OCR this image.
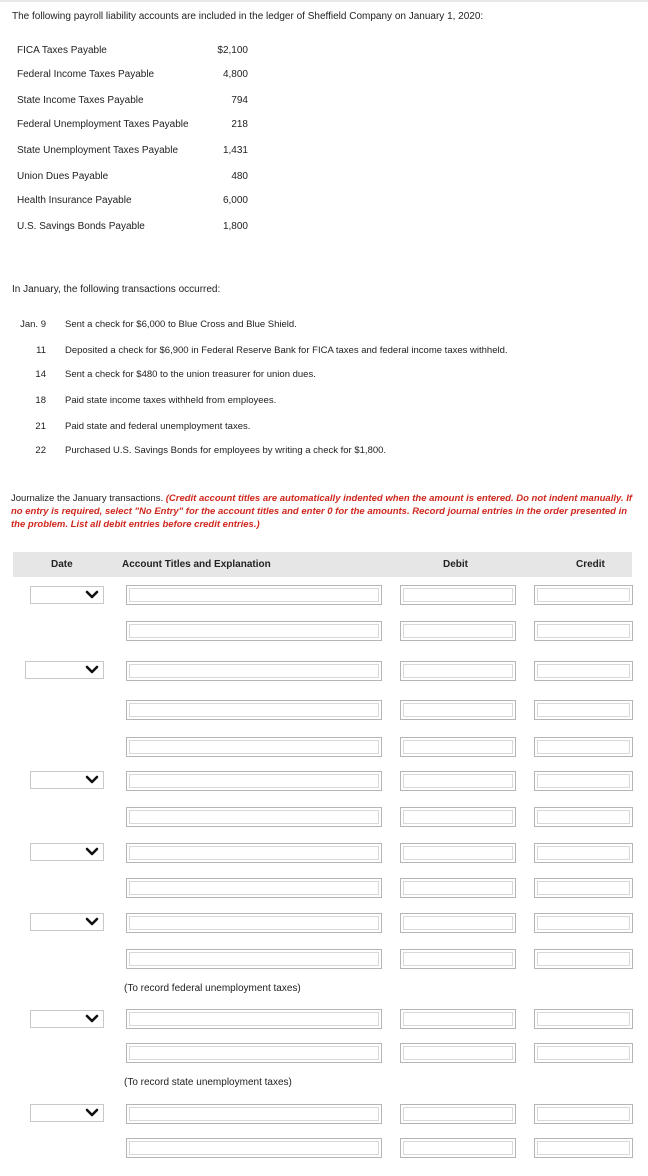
The following payroll liability accounts are included in the ledger of Sheffield Company on January 1, 2020:
FICA Taxes Payable	$2,100
Federal Income Taxes Payable	4,800
State Income Taxes Payable	794
Federal Unemployment Taxes Payable	218
State Unemployment Taxes Payable	1,431
Union Dues Payable	480
Health Insurance Payable	6,000
U.S. Savings Bonds Payable	1,800
In January, the following transactions occurred:
Jan. 9 Sent a check for $6,000 to Blue Cross and Blue Shield.
11 Deposited a check for $6,900 in Federal Reserve Bank for FICA taxes and federal income taxes withheld.
14 Sent a check for $480 to the union treasurer for union dues.
18 Paid state income taxes withheld from employees.
21 Paid state and federal unemployment taxes.
22 Purchased U.S. Savings Bonds for employees by writing a check for $1,800.
Journalize the January transactions. (Credit account titles are automatically indented when the amount is entered. Do not indent manually. If no entry is required, select "No Entry" for the account titles and enter 0 for the amounts. Record journal entries in the order presented in the problem. List all debit entries before credit entries.)
Date	Account Titles and Explanation	Debit	Credit
(To record federal unemployment taxes)
(To record state unemployment taxes)
